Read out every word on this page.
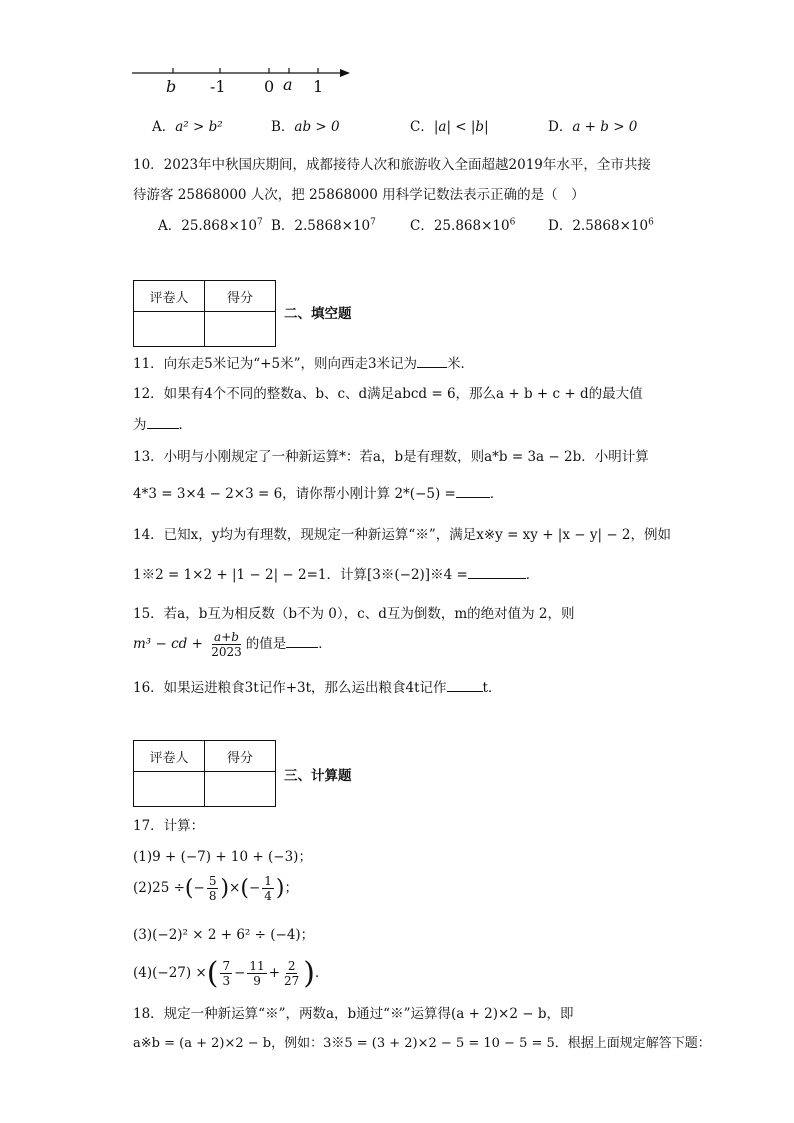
b -1 0 a 1
A．a² > b²	B．ab > 0	C．|a| < |b|	D．a + b > 0
10．2023年中秋国庆期间，成都接待人次和旅游收入全面超越2019年水平，全市共接
待游客 25868000 人次，把 25868000 用科学记数法表示正确的是（　）
A．$25.868\times 10^7$ B．$2.5868\times 10^7$	C．$25.868\times 10^6$ D．$2.5868\times 10^6$
评卷人	得分

二、填空题
11．向东走5米记为“+5米”，则向西走3米记为 米．
12．如果有4个不同的整数a、b、c、d满足abcd = 6，那么a + b + c + d的最大值
为 ．
13．小明与小刚规定了一种新运算*：若a，b是有理数，则a*b = 3a − 2b．小明计算
4*3 = 3×4 − 2×3 = 6，请你帮小刚计算 2*(−5) =	．
14．已知x，y均为有理数，现规定一种新运算“※”，满足x※y = xy + |x − y| − 2，例如
1※2 = 1×2 + |1 − 2| − 2=1．计算[3※(−2)]※4 =	．
15．若a，b互为相反数（b不为 0），c、d互为倒数，m的绝对值为 2，则
m³ − cd + $\frac{a+b}{2023}$ 的值是 ．
16．如果运进粮食3t记作+3t，那么运出粮食4t记作	t．
评卷人	得分

三、计算题
17．计算：
(1)9 + (−7) + 10 + (−3)；
(2)25 ÷(− $\frac{5}{8}$ )×(− $\frac{1}{4}$ )；
(3)(−2)² × 2 + 6² ÷ (−4)；
(4)(−27) ×( $\frac{7}{3} - \frac{11}{9} + \frac{2}{27}$ )．
18．规定一种新运算“※”，两数a，b通过“※”运算得(a + 2)×2 − b，即
a※b = (a + 2)×2 − b，例如：3※5 = (3 + 2)×2 − 5 = 10 − 5 = 5．根据上面规定解答下题：
